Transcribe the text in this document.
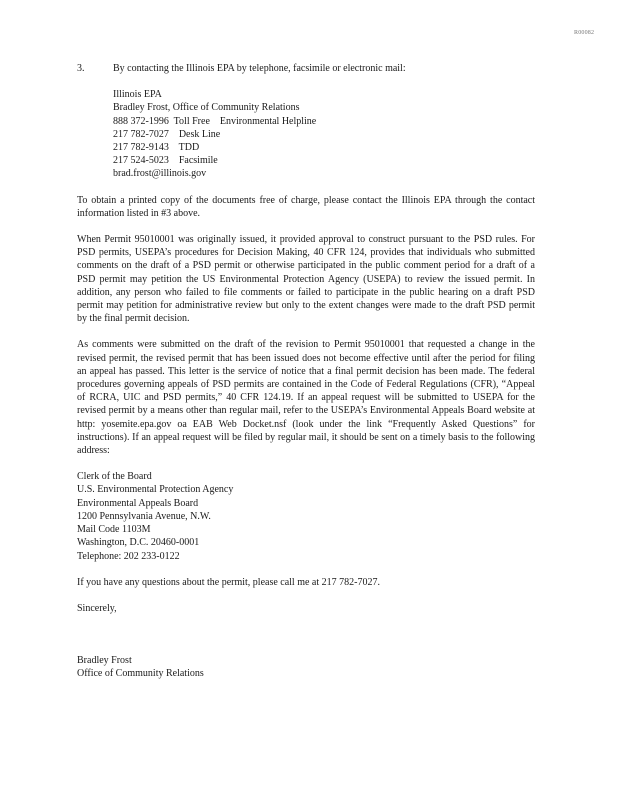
R00082
3.	By contacting the Illinois EPA by telephone, facsimile or electronic mail:
Illinois EPA
Bradley Frost, Office of Community Relations
888 372-1996  Toll Free    Environmental Helpline
217 782-7027    Desk Line
217 782-9143    TDD
217 524-5023    Facsimile
brad.frost@illinois.gov

To obtain a printed copy of the documents free of charge, please contact the Illinois EPA through the contact information listed in #3 above.

When Permit 95010001 was originally issued, it provided approval to construct pursuant to the PSD rules. For PSD permits, USEPA’s procedures for Decision Making, 40 CFR 124, provides that individuals who submitted comments on the draft of a PSD permit or otherwise participated in the public comment period for a draft of a PSD permit may petition the US Environmental Protection Agency (USEPA) to review the issued permit. In addition, any person who failed to file comments or failed to participate in the public hearing on a draft PSD permit may petition for administrative review but only to the extent changes were made to the draft PSD permit by the final permit decision.

As comments were submitted on the draft of the revision to Permit 95010001 that requested a change in the revised permit, the revised permit that has been issued does not become effective until after the period for filing an appeal has passed. This letter is the service of notice that a final permit decision has been made. The federal procedures governing appeals of PSD permits are contained in the Code of Federal Regulations (CFR), “Appeal of RCRA, UIC and PSD permits,” 40 CFR 124.19. If an appeal request will be submitted to USEPA for the revised permit by a means other than regular mail, refer to the USEPA’s Environmental Appeals Board website at http: yosemite.epa.gov oa EAB Web Docket.nsf (look under the link “Frequently Asked Questions” for instructions). If an appeal request will be filed by regular mail, it should be sent on a timely basis to the following address:

Clerk of the Board
U.S. Environmental Protection Agency
Environmental Appeals Board
1200 Pennsylvania Avenue, N.W.
Mail Code 1103M
Washington, D.C. 20460-0001
Telephone: 202 233-0122

If you have any questions about the permit, please call me at 217 782-7027.

Sincerely,
Bradley Frost
Office of Community Relations
